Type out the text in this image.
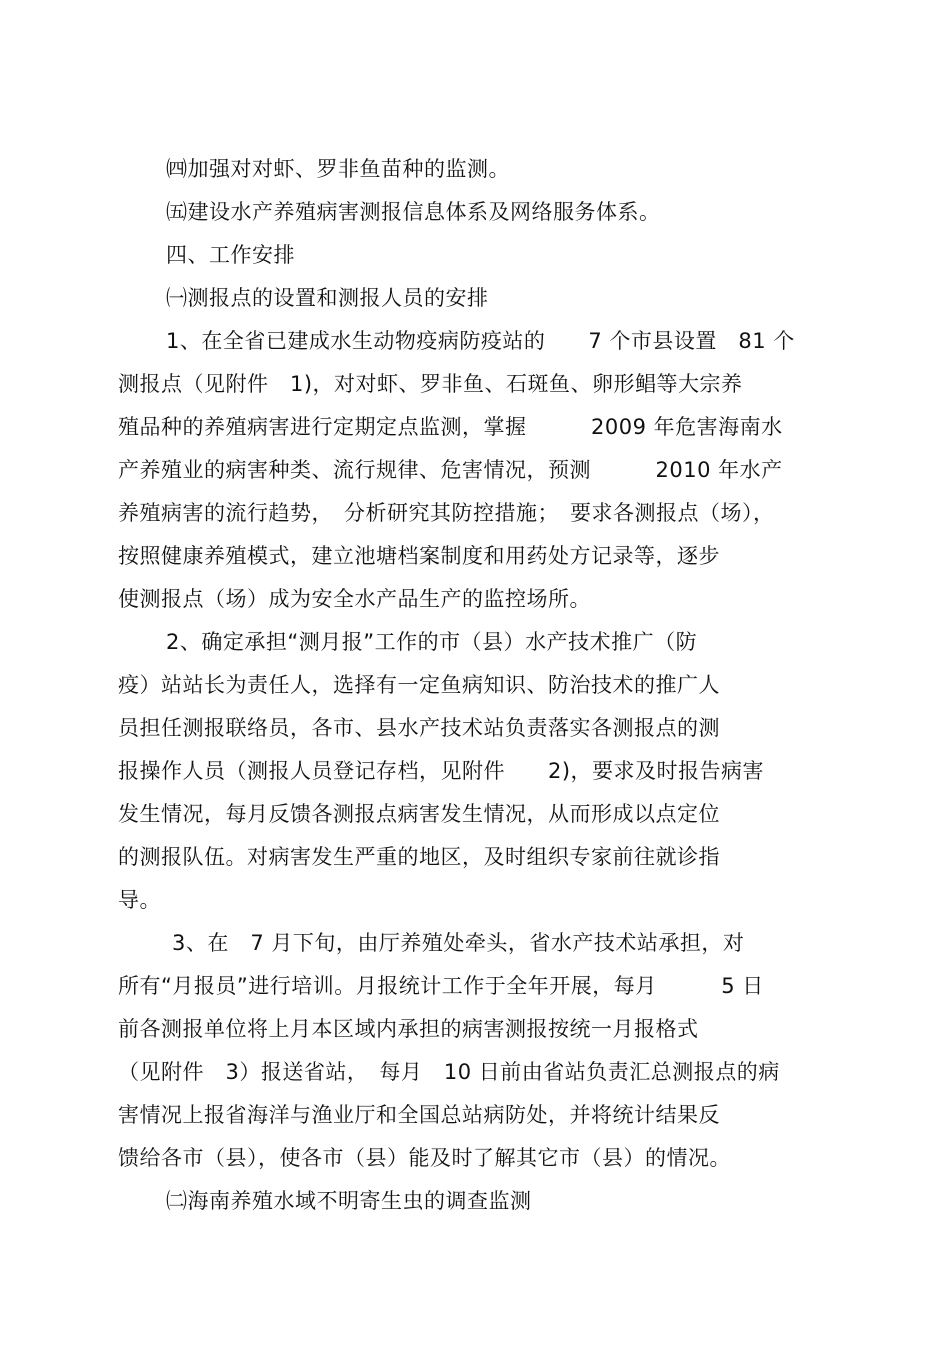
㈣加强对对虾、罗非鱼苗种的监测。
㈤建设水产养殖病害测报信息体系及网络服务体系。
四、工作安排
㈠测报点的设置和测报人员的安排
1、在全省已建成水生动物疫病防疫站的　　7 个市县设置　81 个
测报点（见附件　1)，对对虾、罗非鱼、石斑鱼、卵形鲳等大宗养
殖品种的养殖病害进行定期定点监测，掌握　　　2009 年危害海南水
产养殖业的病害种类、流行规律、危害情况，预测　　　2010 年水产
养殖病害的流行趋势，　分析研究其防控措施；　要求各测报点（场），
按照健康养殖模式，建立池塘档案制度和用药处方记录等，逐步
使测报点（场）成为安全水产品生产的监控场所。
2、确定承担“测月报”工作的市（县）水产技术推广（防
疫）站站长为责任人，选择有一定鱼病知识、防治技术的推广人
员担任测报联络员，各市、县水产技术站负责落实各测报点的测
报操作人员（测报人员登记存档，见附件　　2)，要求及时报告病害
发生情况，每月反馈各测报点病害发生情况，从而形成以点定位
的测报队伍。对病害发生严重的地区，及时组织专家前往就诊指
导。
3、在　7 月下旬，由厅养殖处牵头，省水产技术站承担，对
所有“月报员”进行培训。月报统计工作于全年开展，每月　　　5 日
前各测报单位将上月本区域内承担的病害测报按统一月报格式
（见附件　3）报送省站，　每月　10 日前由省站负责汇总测报点的病
害情况上报省海洋与渔业厅和全国总站病防处，并将统计结果反
馈给各市（县），使各市（县）能及时了解其它市（县）的情况。
㈡海南养殖水域不明寄生虫的调查监测
